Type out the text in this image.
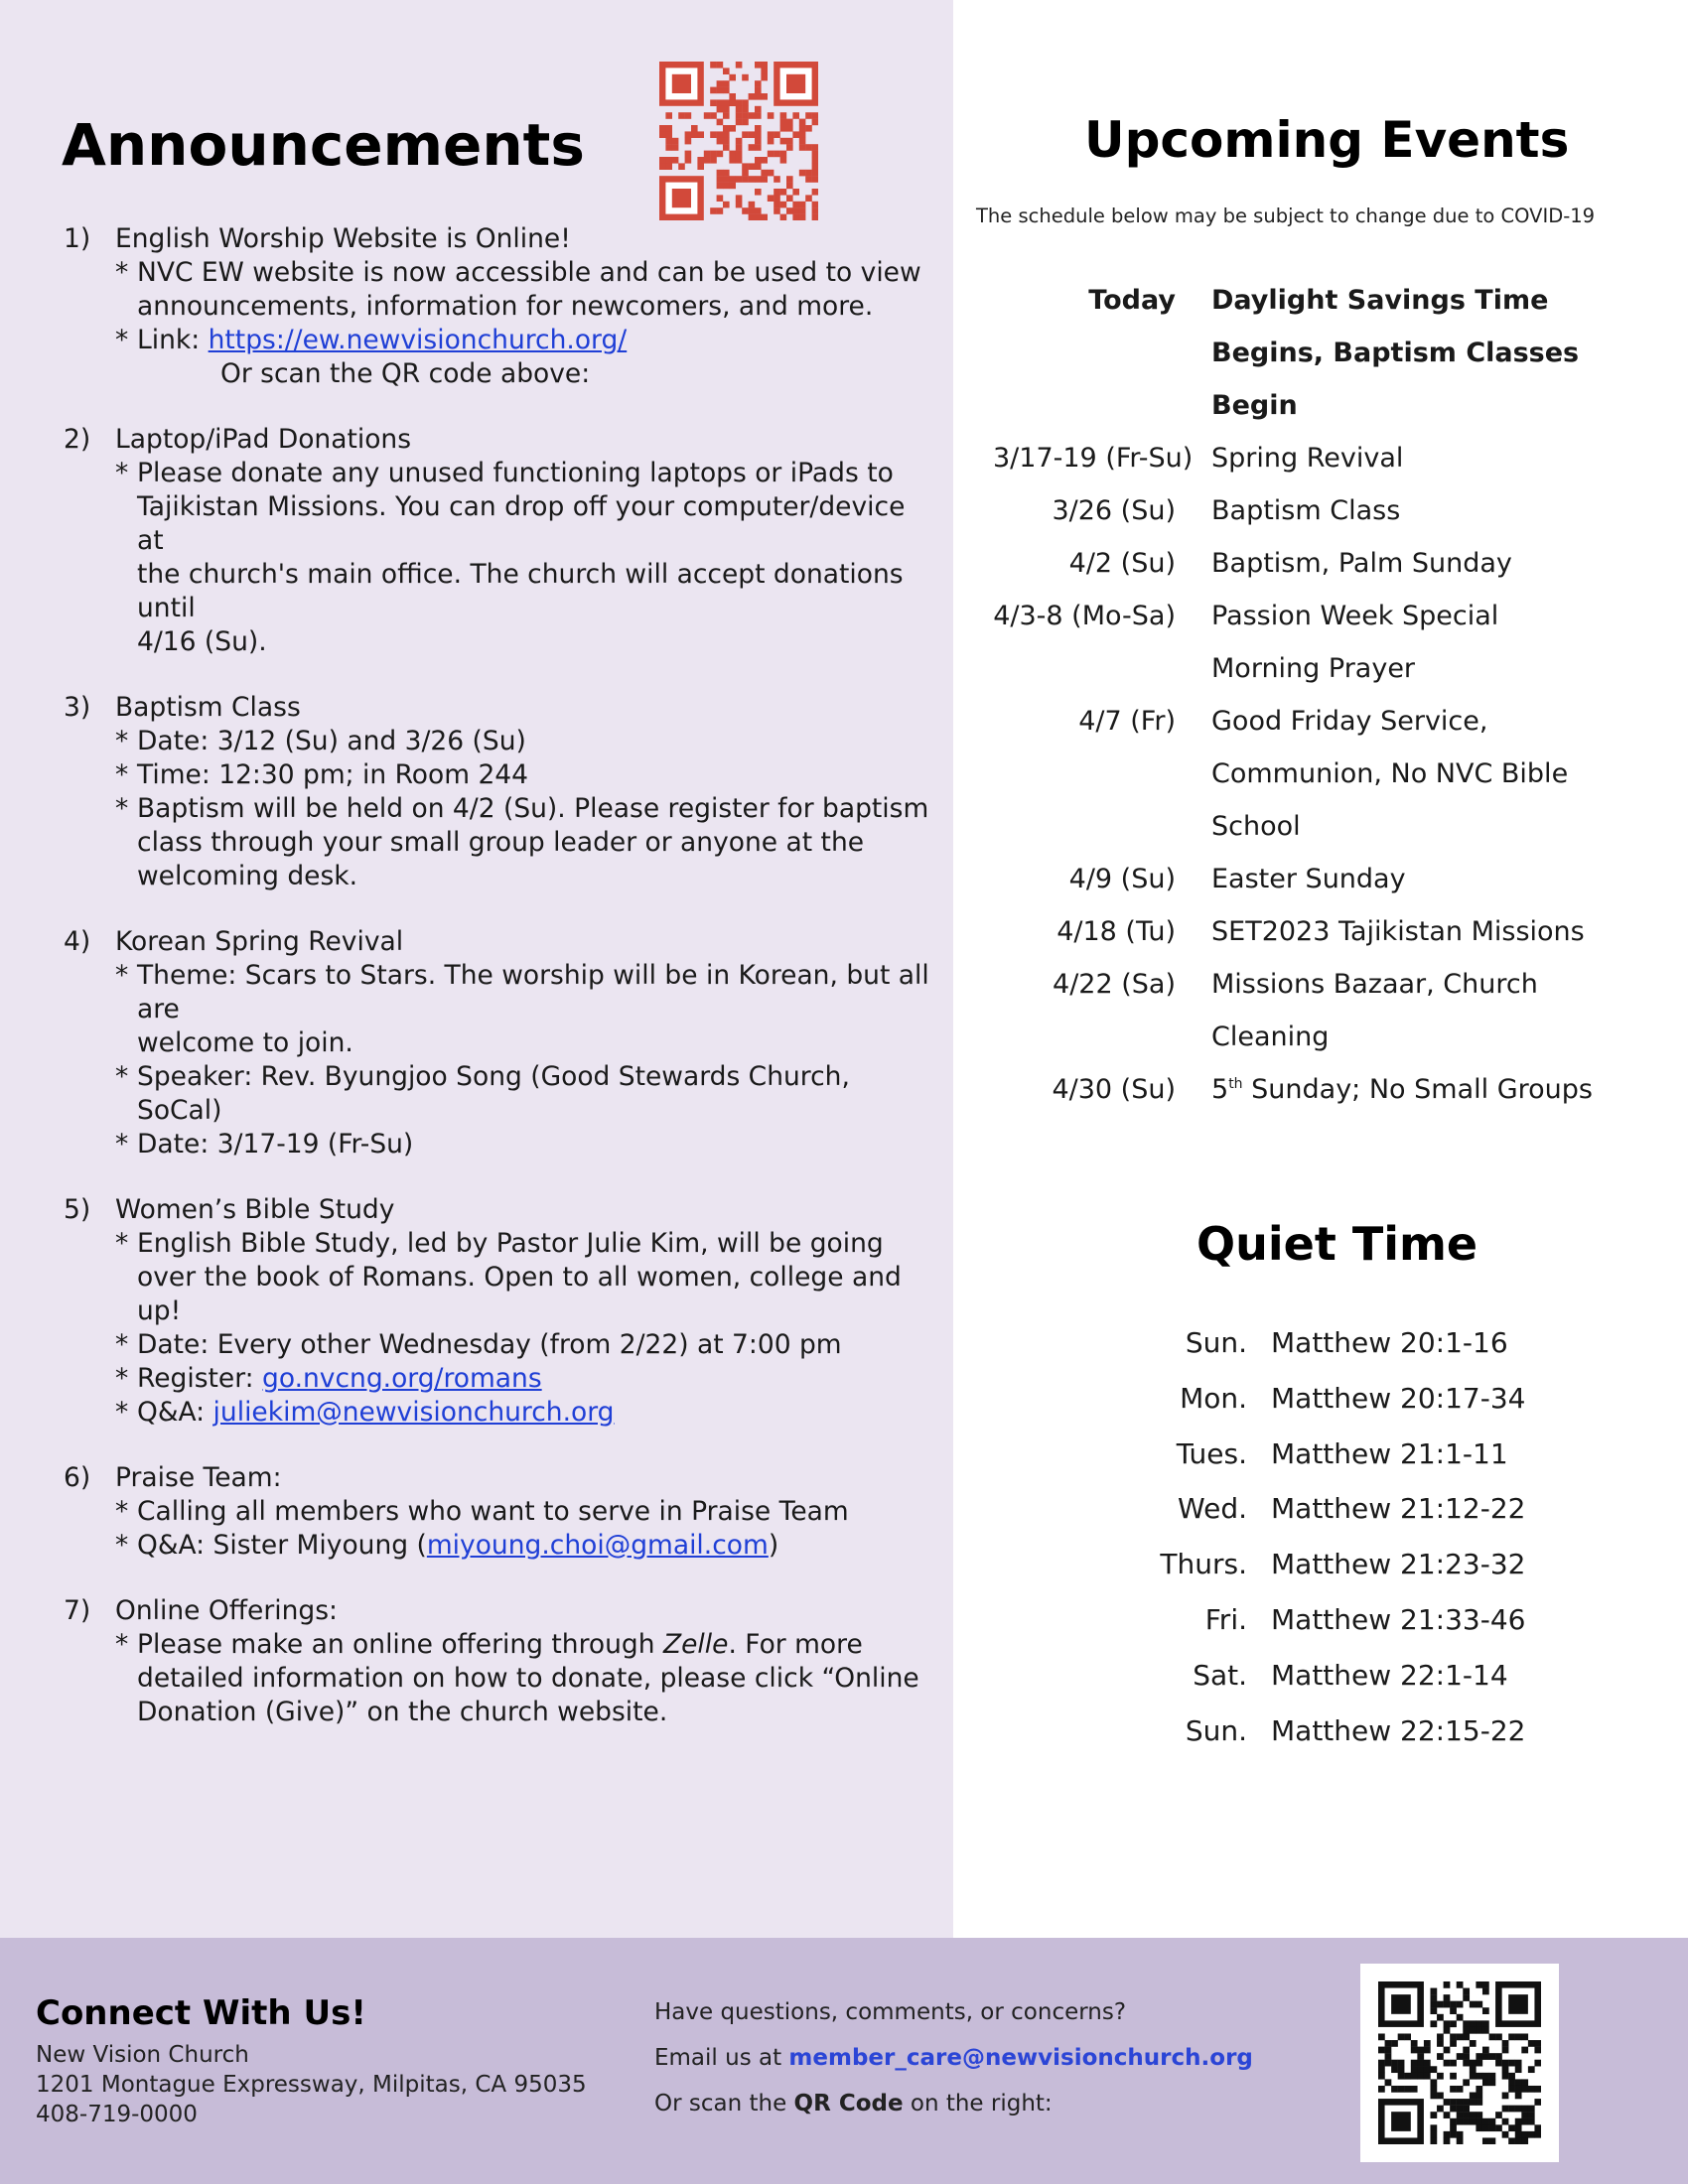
Announcements
1) English Worship Website is Online!
* NVC EW website is now accessible and can be used to view
announcements, information for newcomers, and more.
* Link: https://ew.newvisionchurch.org/
Or scan the QR code above:
2) Laptop/iPad Donations
* Please donate any unused functioning laptops or iPads to
Tajikistan Missions. You can drop off your computer/device at
the church's main office. The church will accept donations until
4/16 (Su).
3) Baptism Class
* Date: 3/12 (Su) and 3/26 (Su)
* Time: 12:30 pm; in Room 244
* Baptism will be held on 4/2 (Su). Please register for baptism
class through your small group leader or anyone at the
welcoming desk.
4) Korean Spring Revival
* Theme: Scars to Stars. The worship will be in Korean, but all are
welcome to join.
* Speaker: Rev. Byungjoo Song (Good Stewards Church, SoCal)
* Date: 3/17-19 (Fr-Su)
5) Women’s Bible Study
* English Bible Study, led by Pastor Julie Kim, will be going
over the book of Romans. Open to all women, college and up!
* Date: Every other Wednesday (from 2/22) at 7:00 pm
* Register: go.nvcng.org/romans
* Q&A: juliekim@newvisionchurch.org
6) Praise Team:
* Calling all members who want to serve in Praise Team
* Q&A: Sister Miyoung (miyoung.choi@gmail.com)
7) Online Offerings:
* Please make an online offering through Zelle. For more
detailed information on how to donate, please click “Online
Donation (Give)” on the church website.
Upcoming Events
The schedule below may be subject to change due to COVID-19
Today Daylight Savings Time
Begins, Baptism Classes
Begin
3/17-19 (Fr-Su) Spring Revival
3/26 (Su) Baptism Class
4/2 (Su) Baptism, Palm Sunday
4/3-8 (Mo-Sa) Passion Week Special
Morning Prayer
4/7 (Fr) Good Friday Service,
Communion, No NVC Bible
School
4/9 (Su) Easter Sunday
4/18 (Tu) SET2023 Tajikistan Missions
4/22 (Sa) Missions Bazaar, Church
Cleaning
4/30 (Su) 5th Sunday; No Small Groups
Quiet Time
Sun. Matthew 20:1-16
Mon. Matthew 20:17-34
Tues. Matthew 21:1-11
Wed. Matthew 21:12-22
Thurs. Matthew 21:23-32
Fri. Matthew 21:33-46
Sat. Matthew 22:1-14
Sun. Matthew 22:15-22
Connect With Us!
New Vision Church
1201 Montague Expressway, Milpitas, CA 95035
408-719-0000
Have questions, comments, or concerns?
Email us at member_care@newvisionchurch.org
Or scan the QR Code on the right:
